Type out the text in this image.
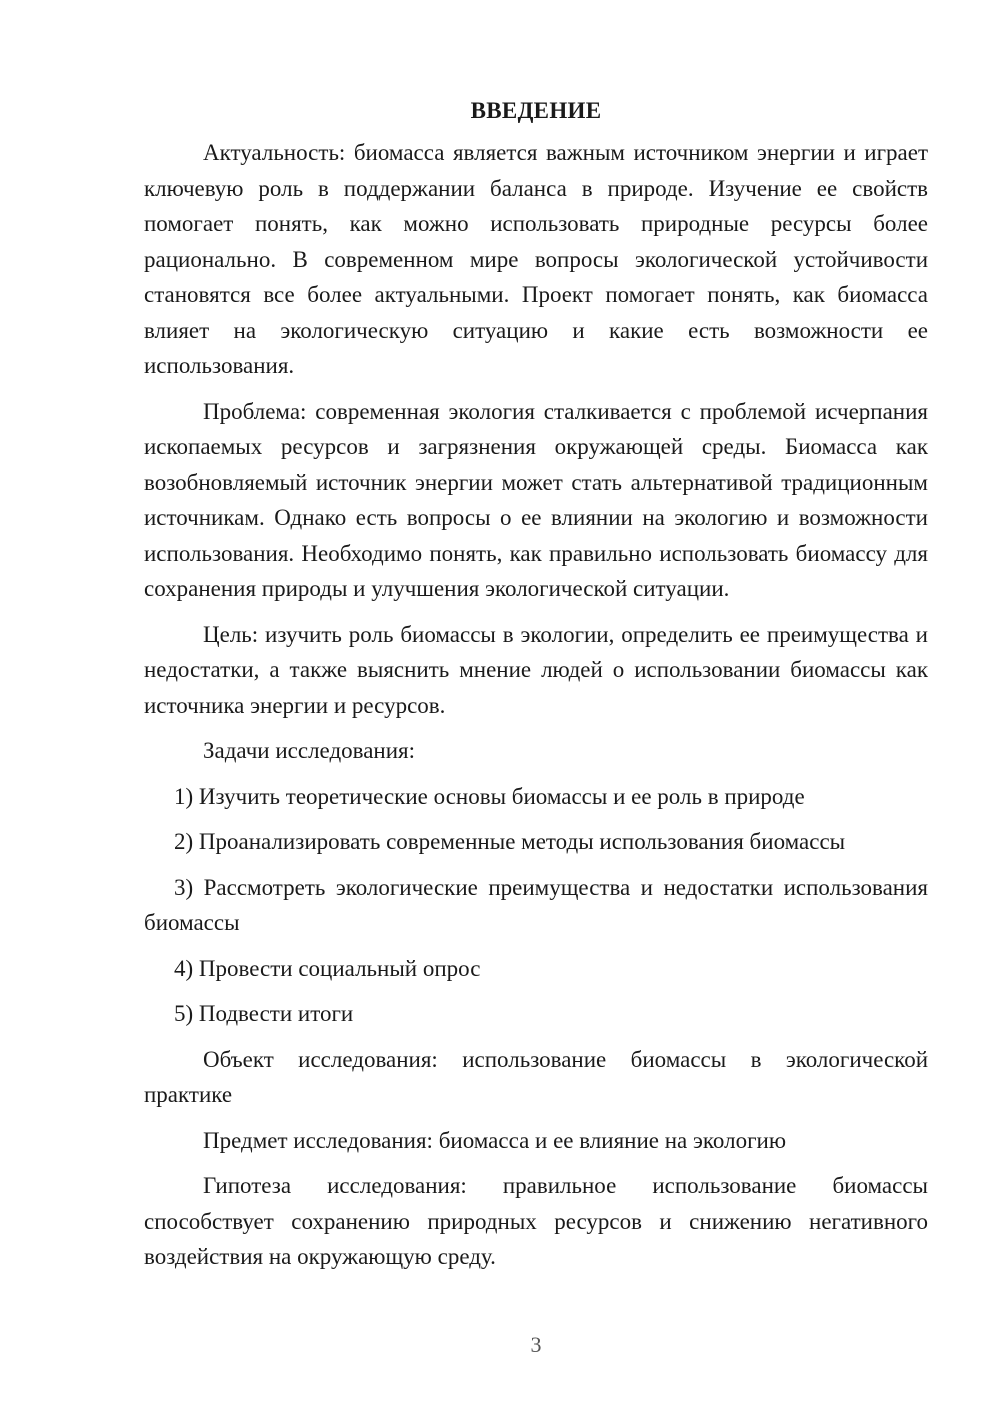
ВВЕДЕНИЕ

Актуальность: биомасса является важным источником энергии и играет ключевую роль в поддержании баланса в природе. Изучение ее свойств помогает понять, как можно использовать природные ресурсы более рационально. В современном мире вопросы экологической устойчивости становятся все более актуальными. Проект помогает понять, как биомасса влияет на экологическую ситуацию и какие есть возможности ее использования.

Проблема: современная экология сталкивается с проблемой исчерпания ископаемых ресурсов и загрязнения окружающей среды. Биомасса как возобновляемый источник энергии может стать альтернативой традиционным источникам. Однако есть вопросы о ее влиянии на экологию и возможности использования. Необходимо понять, как правильно использовать биомассу для сохранения природы и улучшения экологической ситуации.

Цель: изучить роль биомассы в экологии, определить ее преимущества и недостатки, а также выяснить мнение людей о использовании биомассы как источника энергии и ресурсов.

Задачи исследования:

1) Изучить теоретические основы биомассы и ее роль в природе

2) Проанализировать современные методы использования биомассы

3) Рассмотреть экологические преимущества и недостатки использования биомассы

4) Провести социальный опрос

5) Подвести итоги

Объект исследования: использование биомассы в экологической практике

Предмет исследования: биомасса и ее влияние на экологию

Гипотеза исследования: правильное использование биомассы способствует сохранению природных ресурсов и снижению негативного воздействия на окружающую среду.

3
